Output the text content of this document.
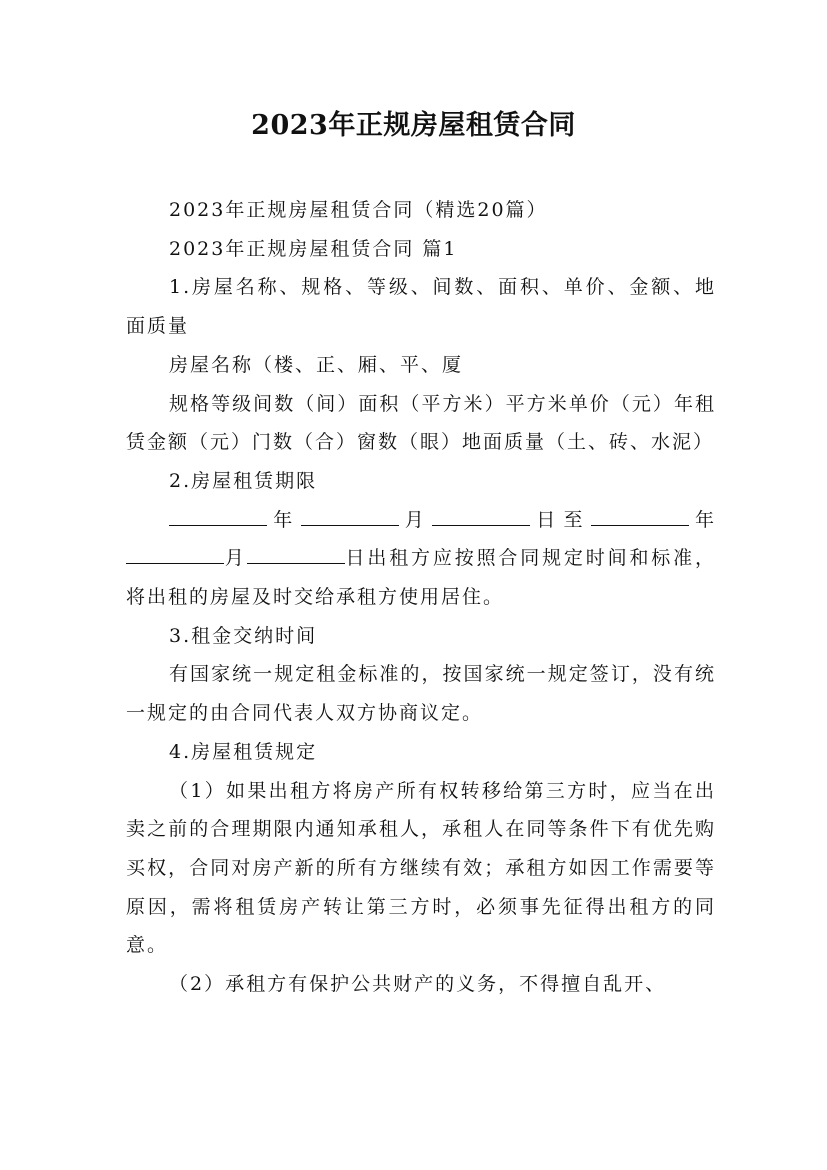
2023年正规房屋租赁合同

2023年正规房屋租赁合同（精选20篇）

2023年正规房屋租赁合同 篇1

1.房屋名称、规格、等级、间数、面积、单价、金额、地面质量

房屋名称（楼、正、厢、平、厦

规格等级间数（间）面积（平方米）平方米单价（元）年租赁金额（元）门数（合）窗数（眼）地面质量（土、砖、水泥）

2.房屋租赁期限

年	月	日至	年月	日出租方应按照合同规定时间和标准，将出租的房屋及时交给承租方使用居住。

3.租金交纳时间

有国家统一规定租金标准的，按国家统一规定签订，没有统一规定的由合同代表人双方协商议定。

4.房屋租赁规定

（1）如果出租方将房产所有权转移给第三方时，应当在出卖之前的合理期限内通知承租人，承租人在同等条件下有优先购买权，合同对房产新的所有方继续有效；承租方如因工作需要等原因，需将租赁房产转让第三方时，必须事先征得出租方的同意。

（2）承租方有保护公共财产的义务，不得擅自乱开、
